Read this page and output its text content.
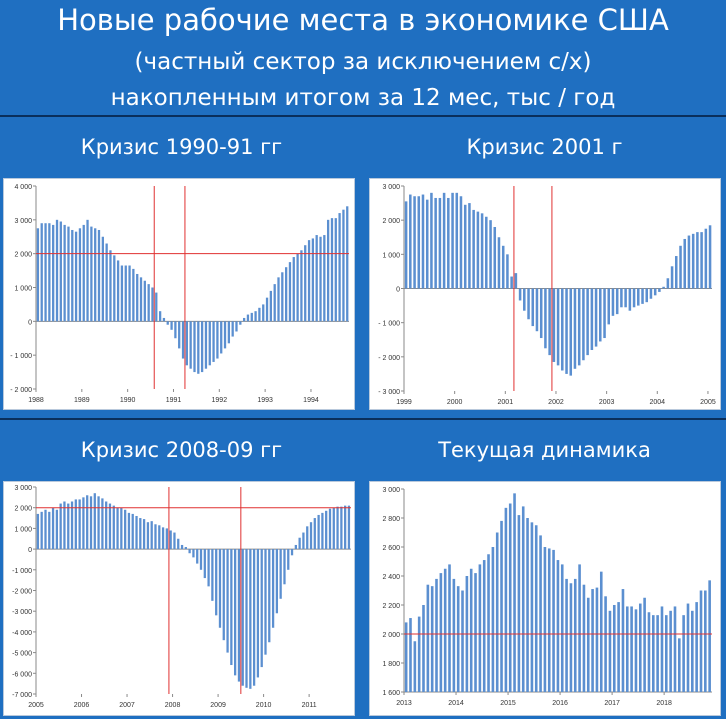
Новые рабочие места в экономике США
(частный сектор за исключением с/х)
накопленным итогом за 12 мес, тыс / год
Кризис 1990-91 гг	Кризис 2001 г
Кризис 2008-09 гг	Текущая динамика
- 2 000
- 1 000
0
1 000
2 000
3 000
4 000
1988	1989	1990	1991	1992	1993	1994
- 3 000
- 2 000
- 1 000
0
1 000
2 000
3 000
1999	2000	2001	2002	2003	2004	2005
-7 000
-6 000
-5 000
-4 000
-3 000
-2 000
-1 000
0
1 000
2 000
3 000
2005	2006	2007	2008	2009	2010	2011
1 600
1 800
2 000
2 200
2 400
2 600
2 800
3 000
2013	2014	2015	2016	2017	2018
